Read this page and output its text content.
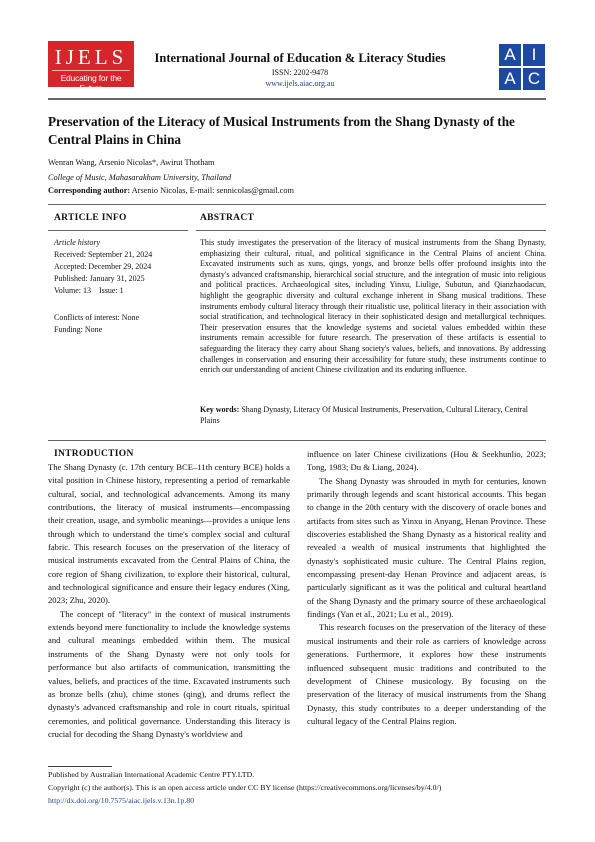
IJELS
Educating for the Future
International Journal of Education & Literacy Studies
ISSN: 2202-9478
www.ijels.aiac.org.au
A I
A C
Preservation of the Literacy of Musical Instruments from the Shang Dynasty of the Central Plains in China
Wenran Wang, Arsenio Nicolas*, Awirut Thotham
College of Music, Mahasarakham University, Thailand
Corresponding author: Arsenio Nicolas, E-mail: sennicolas@gmail.com
ARTICLE INFO	ABSTRACT
Article history
Received: September 21, 2024
Accepted: December 29, 2024
Published: January 31, 2025
Volume: 13    Issue: 1
Conflicts of interest: None
Funding: None
This study investigates the preservation of the literacy of musical instruments from the Shang Dynasty, emphasizing their cultural, ritual, and political significance in the Central Plains of ancient China. Excavated instruments such as xuns, qings, yongs, and bronze bells offer profound insights into the dynasty's advanced craftsmanship, hierarchical social structure, and the integration of music into religious and political practices. Archaeological sites, including Yinxu, Liulige, Subutun, and Qianzhaodacun, highlight the geographic diversity and cultural exchange inherent in Shang musical traditions. These instruments embody cultural literacy through their ritualistic use, political literacy in their association with social stratification, and technological literacy in their sophisticated design and metallurgical techniques. Their preservation ensures that the knowledge systems and societal values embedded within these instruments remain accessible for future research. The preservation of these artifacts is essential to safeguarding the literacy they carry about Shang society's values, beliefs, and innovations. By addressing challenges in conservation and ensuring their accessibility for future study, these instruments continue to enrich our understanding of ancient Chinese civilization and its enduring influence.
Key words: Shang Dynasty, Literacy Of Musical Instruments, Preservation, Cultural Literacy, Central Plains
INTRODUCTION

The Shang Dynasty (c. 17th century BCE–11th century BCE) holds a vital position in Chinese history, representing a period of remarkable cultural, social, and technological advancements. Among its many contributions, the literacy of musical instruments—encompassing their creation, usage, and symbolic meanings—provides a unique lens through which to understand the time's complex social and cultural fabric. This research focuses on the preservation of the literacy of musical instruments excavated from the Central Plains of China, the core region of Shang civilization, to explore their historical, cultural, and technological significance and ensure their legacy endures (Xing, 2023; Zhu, 2020).

The concept of "literacy" in the context of musical instruments extends beyond mere functionality to include the knowledge systems and cultural meanings embedded within them. The musical instruments of the Shang Dynasty were not only tools for performance but also artifacts of communication, transmitting the values, beliefs, and practices of the time. Excavated instruments such as bronze bells (zhu), chime stones (qing), and drums reflect the dynasty's advanced craftsmanship and role in court rituals, spiritual ceremonies, and political governance. Understanding this literacy is crucial for decoding the Shang Dynasty's worldview and

influence on later Chinese civilizations (Hou & Seekhunlio, 2023; Tong, 1983; Du & Liang, 2024).

The Shang Dynasty was shrouded in myth for centuries, known primarily through legends and scant historical accounts. This began to change in the 20th century with the discovery of oracle bones and artifacts from sites such as Yinxu in Anyang, Henan Province. These discoveries established the Shang Dynasty as a historical reality and revealed a wealth of musical instruments that highlighted the dynasty's sophisticated music culture. The Central Plains region, encompassing present-day Henan Province and adjacent areas, is particularly significant as it was the political and cultural heartland of the Shang Dynasty and the primary source of these archaeological findings (Yan et al., 2021; Lu et al., 2019).

This research focuses on the preservation of the literacy of these musical instruments and their role as carriers of knowledge across generations. Furthermore, it explores how these instruments influenced subsequent music traditions and contributed to the development of Chinese musicology. By focusing on the preservation of the literacy of musical instruments from the Shang Dynasty, this study contributes to a deeper understanding of the cultural legacy of the Central Plains region.

Published by Australian International Academic Centre PTY.LTD.
Copyright (c) the author(s). This is an open access article under CC BY license (https://creativecommons.org/licenses/by/4.0/)
http://dx.doi.org/10.7575/aiac.ijels.v.13n.1p.80
